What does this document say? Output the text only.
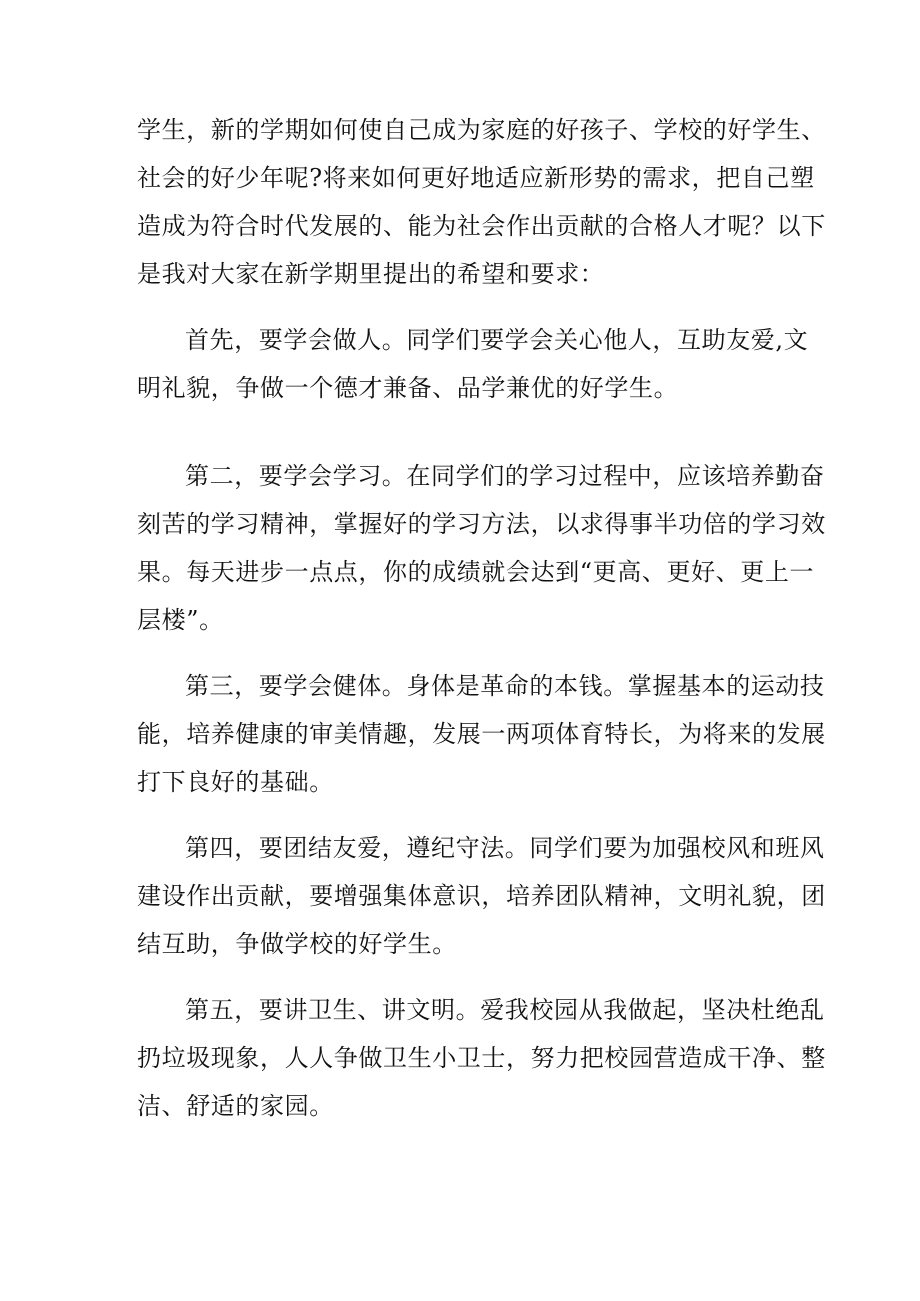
学生，新的学期如何使自己成为家庭的好孩子、学校的好学生、
社会的好少年呢?将来如何更好地适应新形势的需求，把自己塑
造成为符合时代发展的、能为社会作出贡献的合格人才呢？以下
是我对大家在新学期里提出的希望和要求：
首先，要学会做人。同学们要学会关心他人，互助友爱,文
明礼貌，争做一个德才兼备、品学兼优的好学生。
第二，要学会学习。在同学们的学习过程中，应该培养勤奋
刻苦的学习精神，掌握好的学习方法，以求得事半功倍的学习效
果。每天进步一点点，你的成绩就会达到“更高、更好、更上一
层楼”。
第三，要学会健体。身体是革命的本钱。掌握基本的运动技
能，培养健康的审美情趣，发展一两项体育特长，为将来的发展
打下良好的基础。
第四，要团结友爱，遵纪守法。同学们要为加强校风和班风
建设作出贡献，要增强集体意识，培养团队精神，文明礼貌，团
结互助，争做学校的好学生。
第五，要讲卫生、讲文明。爱我校园从我做起，坚决杜绝乱
扔垃圾现象，人人争做卫生小卫士，努力把校园营造成干净、整
洁、舒适的家园。
